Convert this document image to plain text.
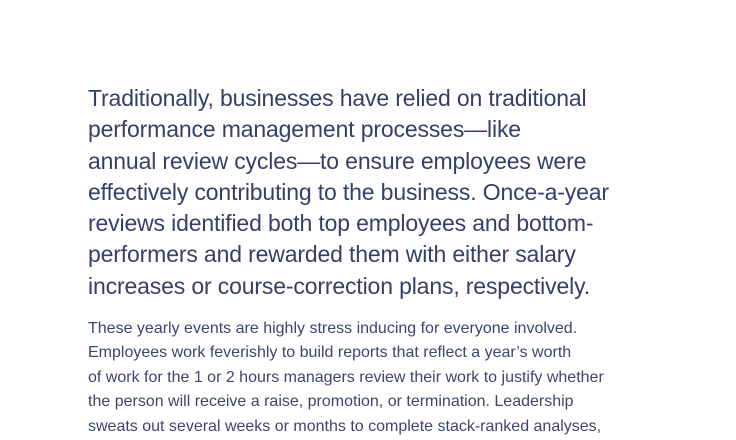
Traditionally, businesses have relied on traditional
performance management processes—like
annual review cycles—to ensure employees were
effectively contributing to the business. Once-a-year
reviews identified both top employees and bottom-
performers and rewarded them with either salary
increases or course-correction plans, respectively.

These yearly events are highly stress inducing for everyone involved.
Employees work feverishly to build reports that reflect a year’s worth
of work for the 1 or 2 hours managers review their work to justify whether
the person will receive a raise, promotion, or termination. Leadership
sweats out several weeks or months to complete stack-ranked analyses,
